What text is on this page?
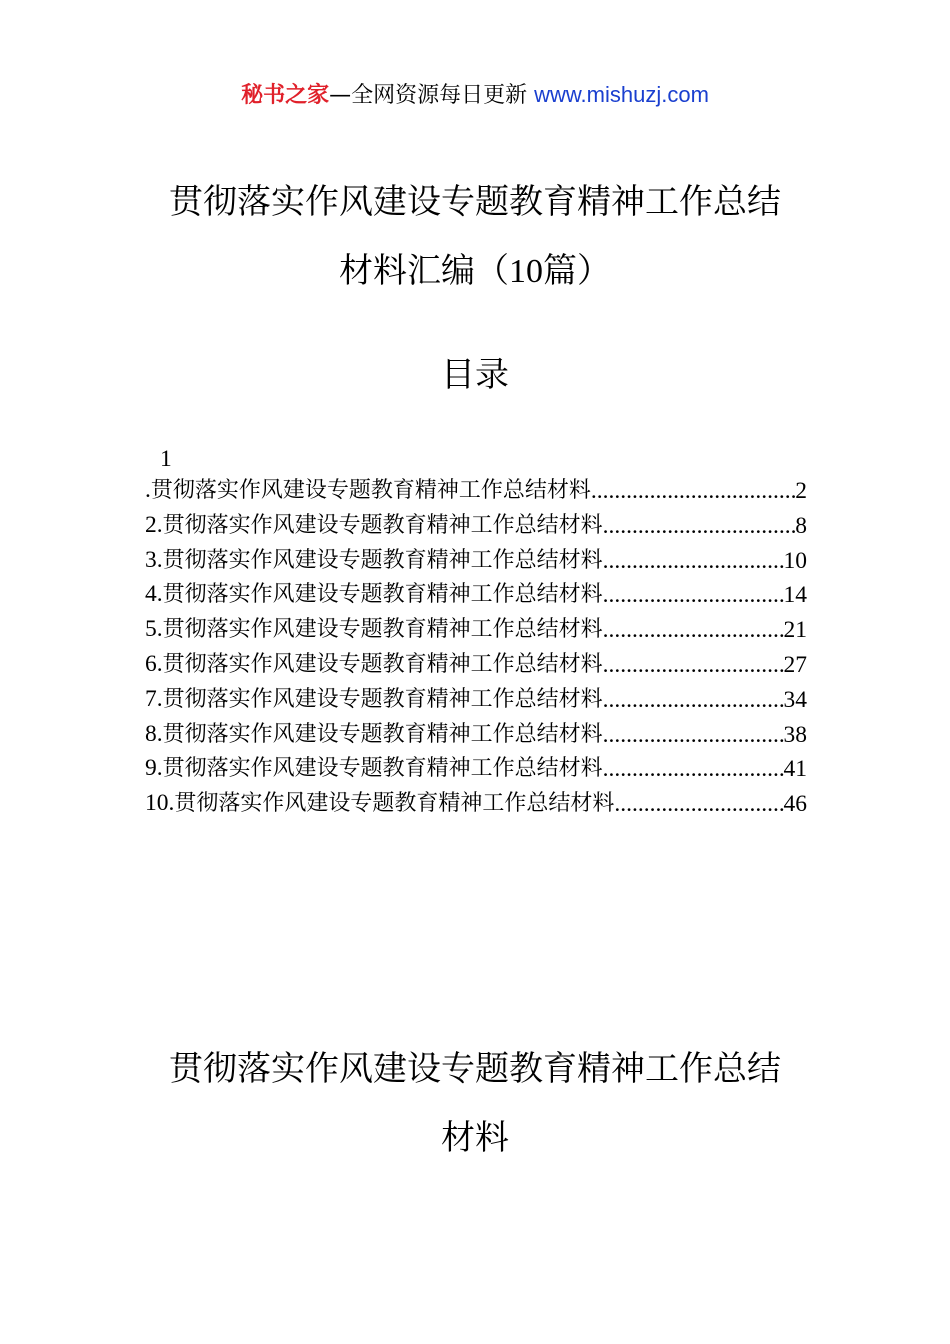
秘书之家—全网资源每日更新 www.mishuzj.com
贯彻落实作风建设专题教育精神工作总结
材料汇编（10篇）
目录
1
.贯彻落实作风建设专题教育精神工作总结材料 .....	2
2.贯彻落实作风建设专题教育精神工作总结材料 .....	8
3.贯彻落实作风建设专题教育精神工作总结材料 .....	10
4.贯彻落实作风建设专题教育精神工作总结材料 .....	14
5.贯彻落实作风建设专题教育精神工作总结材料 .....	21
6.贯彻落实作风建设专题教育精神工作总结材料 .....	27
7.贯彻落实作风建设专题教育精神工作总结材料 .....	34
8.贯彻落实作风建设专题教育精神工作总结材料 .....	38
9.贯彻落实作风建设专题教育精神工作总结材料 .....	41
10.贯彻落实作风建设专题教育精神工作总结材料 .....	46
贯彻落实作风建设专题教育精神工作总结
材料
